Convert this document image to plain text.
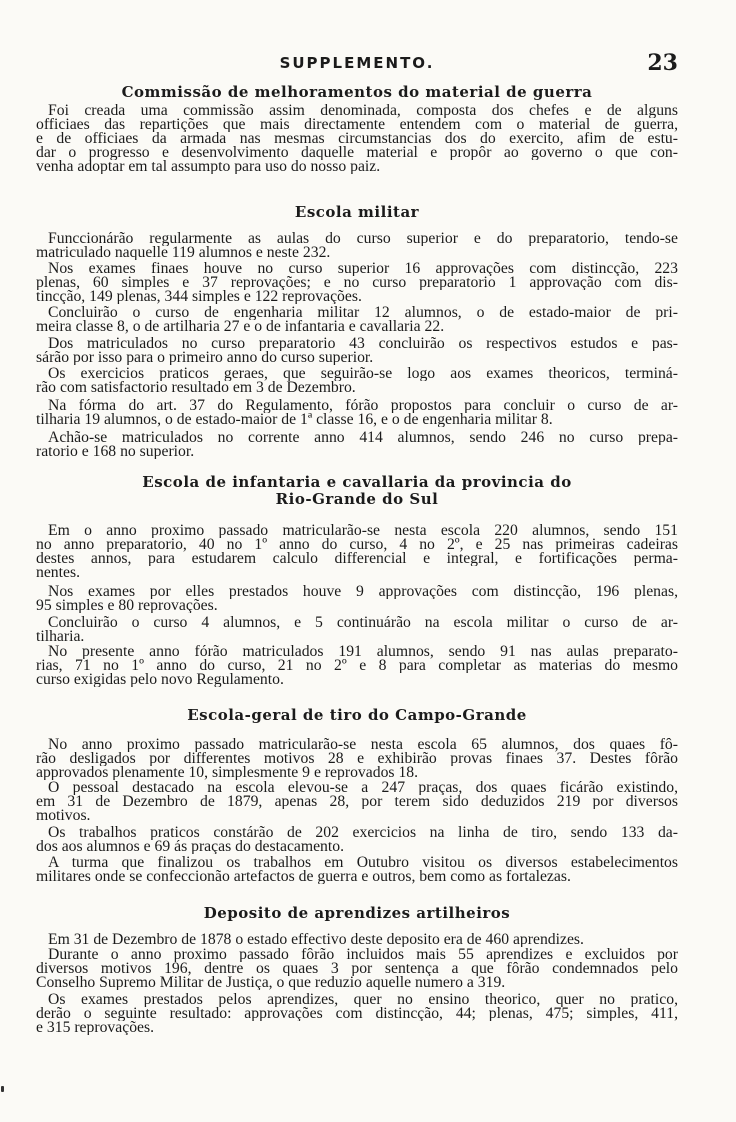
SUPPLEMENTO.	23
Commissão de melhoramentos do material de guerra

Foi creada uma commissão assim denominada, composta dos chefes e de alguns
officiaes das repartições que mais directamente entendem com o material de guerra,
e de officiaes da armada nas mesmas circumstancias dos do exercito, afim de estu-
dar o progresso e desenvolvimento daquelle material e propôr ao governo o que con-
venha adoptar em tal assumpto para uso do nosso paiz.

Escola militar

Funccionárão regularmente as aulas do curso superior e do preparatorio, tendo-se
matriculado naquelle 119 alumnos e neste 232.

Nos exames finaes houve no curso superior 16 approvações com distincção, 223
plenas, 60 simples e 37 reprovações; e no curso preparatorio 1 approvação com dis-
tincção, 149 plenas, 344 simples e 122 reprovações.

Concluirão o curso de engenharia militar 12 alumnos, o de estado-maior de pri-
meira classe 8, o de artilharia 27 e o de infantaria e cavallaria 22.

Dos matriculados no curso preparatorio 43 concluirão os respectivos estudos e pas-
sárão por isso para o primeiro anno do curso superior.

Os exercicios praticos geraes, que seguirão-se logo aos exames theoricos, terminá-
rão com satisfactorio resultado em 3 de Dezembro.

Na fórma do art. 37 do Regulamento, fórão propostos para concluir o curso de ar-
tilharia 19 alumnos, o de estado-maior de 1ª classe 16, e o de engenharia militar 8.

Achão-se matriculados no corrente anno 414 alumnos, sendo 246 no curso prepa-
ratorio e 168 no superior.

Escola de infantaria e cavallaria da provincia do
Rio-Grande do Sul

Em o anno proximo passado matricularão-se nesta escola 220 alumnos, sendo 151
no anno preparatorio, 40 no 1º anno do curso, 4 no 2º, e 25 nas primeiras cadeiras
destes annos, para estudarem calculo differencial e integral, e fortificações perma-
nentes.

Nos exames por elles prestados houve 9 approvações com distincção, 196 plenas,
95 simples e 80 reprovações.

Concluirão o curso 4 alumnos, e 5 continuárão na escola militar o curso de ar-
tilharia.

No presente anno fórão matriculados 191 alumnos, sendo 91 nas aulas preparato-
rias, 71 no 1º anno do curso, 21 no 2º e 8 para completar as materias do mesmo
curso exigidas pelo novo Regulamento.

Escola-geral de tiro do Campo-Grande

No anno proximo passado matricularão-se nesta escola 65 alumnos, dos quaes fô-
rão desligados por differentes motivos 28 e exhibirão provas finaes 37. Destes fôrão
approvados plenamente 10, simplesmente 9 e reprovados 18.

O pessoal destacado na escola elevou-se a 247 praças, dos quaes ficárão existindo,
em 31 de Dezembro de 1879, apenas 28, por terem sido deduzidos 219 por diversos
motivos.

Os trabalhos praticos constárão de 202 exercicios na linha de tiro, sendo 133 da-
dos aos alumnos e 69 ás praças do destacamento.

A turma que finalizou os trabalhos em Outubro visitou os diversos estabelecimentos
militares onde se confeccionão artefactos de guerra e outros, bem como as fortalezas.

Deposito de aprendizes artilheiros

Em 31 de Dezembro de 1878 o estado effectivo deste deposito era de 460 aprendizes.

Durante o anno proximo passado fôrão incluidos mais 55 aprendizes e excluidos por
diversos motivos 196, dentre os quaes 3 por sentença a que fôrão condemnados pelo
Conselho Supremo Militar de Justiça, o que reduzio aquelle numero a 319.

Os exames prestados pelos aprendizes, quer no ensino theorico, quer no pratico,
derão o seguinte resultado: approvações com distincção, 44; plenas, 475; simples, 411,
e 315 reprovações.
